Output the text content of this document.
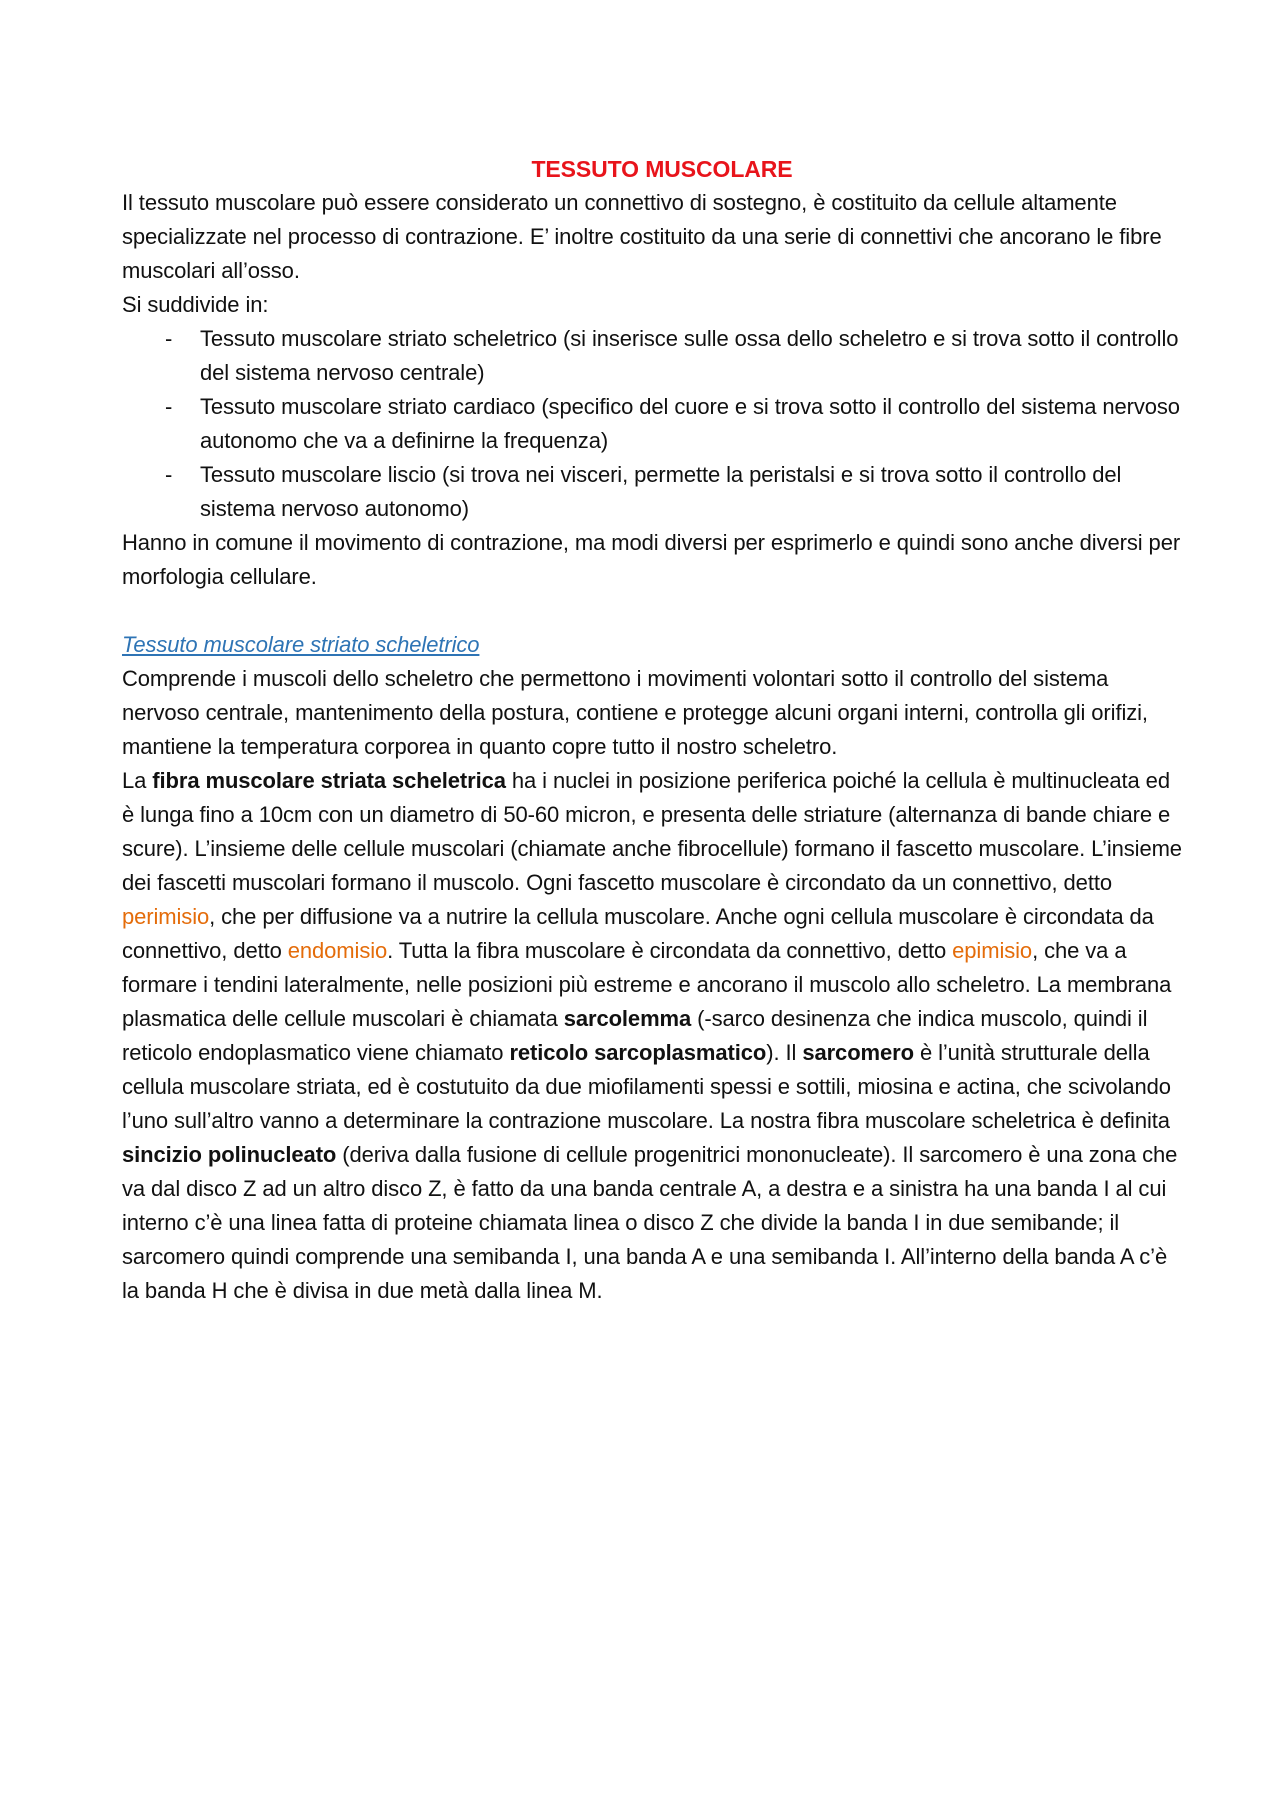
TESSUTO MUSCOLARE

Il tessuto muscolare può essere considerato un connettivo di sostegno, è costituito da cellule altamente specializzate nel processo di contrazione. E’ inoltre costituito da una serie di connettivi che ancorano le fibre muscolari all’osso.

Si suddivide in:

- Tessuto muscolare striato scheletrico (si inserisce sulle ossa dello scheletro e si trova sotto il controllo del sistema nervoso centrale)
- Tessuto muscolare striato cardiaco (specifico del cuore e si trova sotto il controllo del sistema nervoso autonomo che va a definirne la frequenza)
- Tessuto muscolare liscio (si trova nei visceri, permette la peristalsi e si trova sotto il controllo del sistema nervoso autonomo)

Hanno in comune il movimento di contrazione, ma modi diversi per esprimerlo e quindi sono anche diversi per morfologia cellulare.

Tessuto muscolare striato scheletrico

Comprende i muscoli dello scheletro che permettono i movimenti volontari sotto il controllo del sistema nervoso centrale, mantenimento della postura, contiene e protegge alcuni organi interni, controlla gli orifizi, mantiene la temperatura corporea in quanto copre tutto il nostro scheletro.

La fibra muscolare striata scheletrica ha i nuclei in posizione periferica poiché la cellula è multinucleata ed è lunga fino a 10cm con un diametro di 50-60 micron, e presenta delle striature (alternanza di bande chiare e scure). L’insieme delle cellule muscolari (chiamate anche fibrocellule) formano il fascetto muscolare. L’insieme dei fascetti muscolari formano il muscolo. Ogni fascetto muscolare è circondato da un connettivo, detto perimisio, che per diffusione va a nutrire la cellula muscolare. Anche ogni cellula muscolare è circondata da connettivo, detto endomisio. Tutta la fibra muscolare è circondata da connettivo, detto epimisio, che va a formare i tendini lateralmente, nelle posizioni più estreme e ancorano il muscolo allo scheletro. La membrana plasmatica delle cellule muscolari è chiamata sarcolemma (-sarco desinenza che indica muscolo, quindi il reticolo endoplasmatico viene chiamato reticolo sarcoplasmatico). Il sarcomero è l’unità strutturale della cellula muscolare striata, ed è costutuito da due miofilamenti spessi e sottili, miosina e actina, che scivolando l’uno sull’altro vanno a determinare la contrazione muscolare. La nostra fibra muscolare scheletrica è definita sincizio polinucleato (deriva dalla fusione di cellule progenitrici mononucleate). Il sarcomero è una zona che va dal disco Z ad un altro disco Z, è fatto da una banda centrale A, a destra e a sinistra ha una banda I al cui interno c’è una linea fatta di proteine chiamata linea o disco Z che divide la banda I in due semibande; il sarcomero quindi comprende una semibanda I, una banda A e una semibanda I. All’interno della banda A c’è la banda H che è divisa in due metà dalla linea M.
